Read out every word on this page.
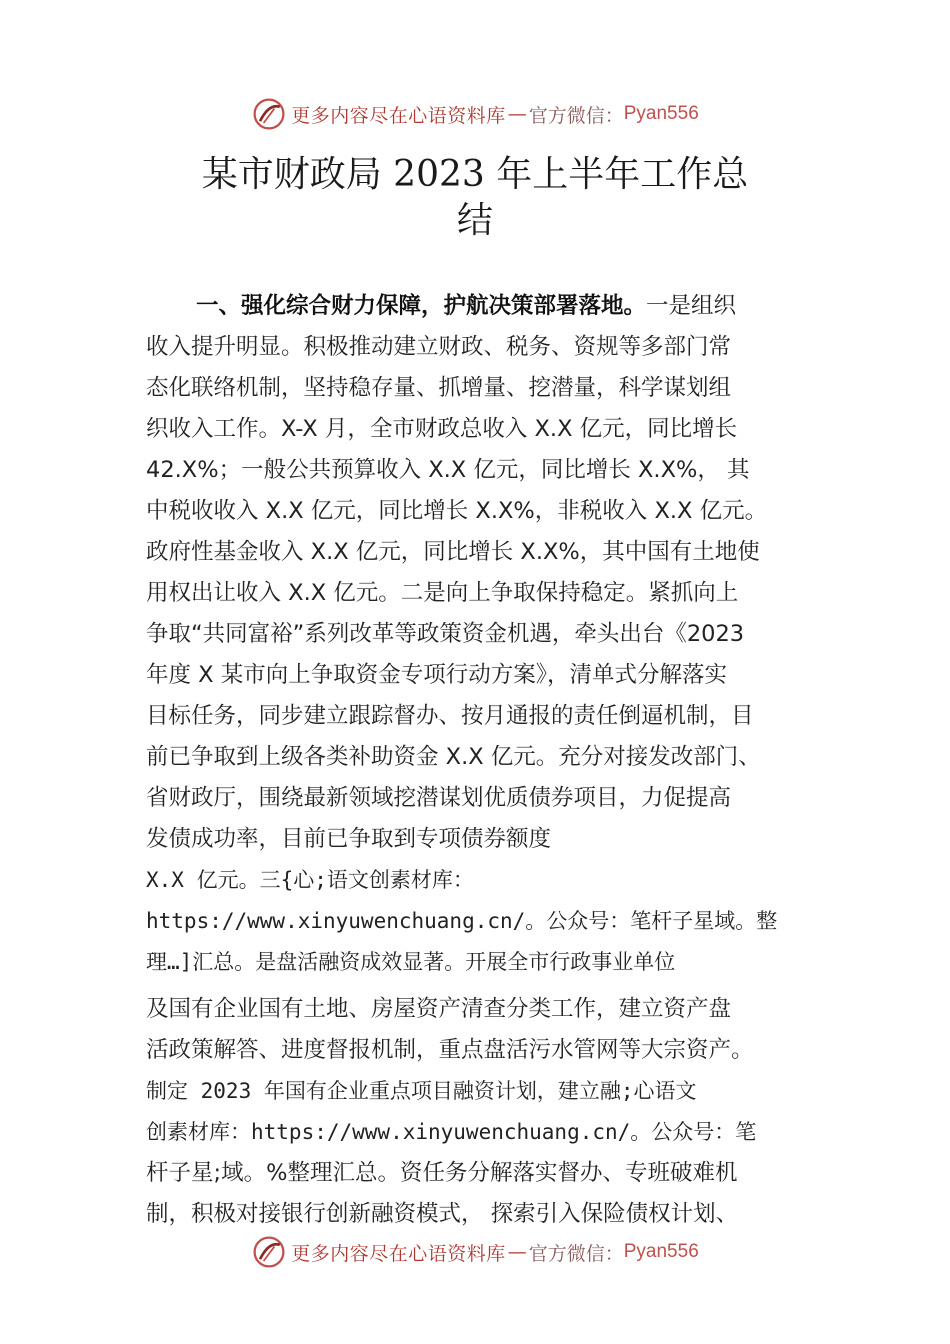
更多内容尽在心语资料库 — 官方微信： Pyan556
某市财政局 2023 年上半年工作总
结
一、强化综合财力保障，护航决策部署落地。一是组织
收入提升明显。积极推动建立财政、税务、资规等多部门常
态化联络机制，坚持稳存量、抓增量、挖潜量，科学谋划组
织收入工作。X-X 月，全市财政总收入 X.X 亿元，同比增长
42.X%；一般公共预算收入 X.X 亿元，同比增长 X.X%， 其
中税收收入 X.X 亿元，同比增长 X.X%，非税收入 X.X 亿元。
政府性基金收入 X.X 亿元，同比增长 X.X%，其中国有土地使
用权出让收入 X.X 亿元。二是向上争取保持稳定。紧抓向上
争取“共同富裕”系列改革等政策资金机遇，牵头出台《2023
年度 X 某市向上争取资金专项行动方案》，清单式分解落实
目标任务，同步建立跟踪督办、按月通报的责任倒逼机制，目
前已争取到上级各类补助资金 X.X 亿元。充分对接发改部门、
省财政厅，围绕最新领域挖潜谋划优质债券项目，力促提高
发债成功率，目前已争取到专项债券额度
X.X 亿元。三{心;语文创素材库：
https://www.xinyuwenchuang.cn/。公众号：笔杆子星域。整
理…]汇总。是盘活融资成效显著。开展全市行政事业单位
及国有企业国有土地、房屋资产清查分类工作，建立资产盘
活政策解答、进度督报机制，重点盘活污水管网等大宗资产。
制定 2023 年国有企业重点项目融资计划，建立融;心语文
创素材库：https://www.xinyuwenchuang.cn/。公众号：笔
杆子星;域。%整理汇总。资任务分解落实督办、专班破难机
制，积极对接银行创新融资模式， 探索引入保险债权计划、
更多内容尽在心语资料库 — 官方微信： Pyan556
